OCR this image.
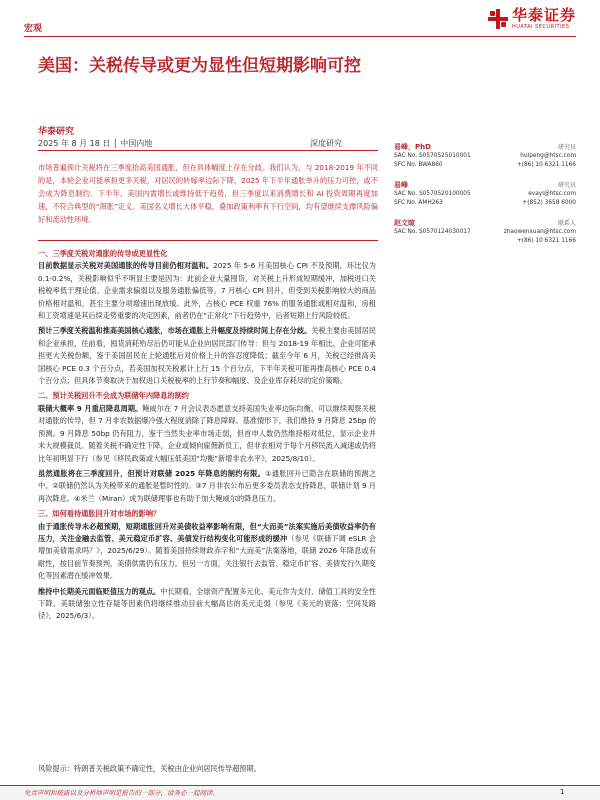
宏观
华泰证券
HUATAI SECURITIES
美国：关税传导或更为显性但短期影响可控
华泰研究
2025 年 8 月 18 日 │ 中国内地	深度研究
市场普遍预计关税将在三季度抬高美国通胀，但在具体幅度上存在分歧。我们认为，与 2018-2019 年不同的是，本轮企业可能承担更多关税，对居民的转嫁率边际下降，2025 年下半年通胀单升的压力可控，或不会成为降息制约。下半年，美国内需增长或维持低于趋势，但三季度以来消费增长和 AI 投资周期再度加速，不符合典型的“滞胀”定义。美国名义增长大体平稳，叠加政策利率有下行空间，均有望继续支撑风险偏好和流动性环境。
易峰，PhD	研究员
SAC No. S0570525010001	huipeng@htsc.com
SFC No. BWA860	+(86) 10 6321 1166
易峰	研究员
SAC No. S0570520100005	evayi@htsc.com
SFC No. AMH263	+(852) 3658 6000
赵文暄	联系人
SAC No. S0570124030017	zhaowenxuan@htsc.com
+(86) 10 6321 1166

一、三季度关税对通胀的传导或更显性化

目前数据显示关税对美国通胀的传导目前仍相对温和。2025 年 5-6 月美国核心 CPI 不及预期，环比仅为 0.1-0.2%，关税影响似乎不明显主要是因为：此前企业大量囤货、对关税上升形成短期缓冲，加税进口关税税率低于理论值、企业需求偏弱以及服务通胀偏低等。7 月核心 CPI 回升，但受到关税影响较大的商品价格相对温和，甚至主要分项增速出现放缓。此外，占核心 PCE 权重 76% 的服务通胀或相对温和，房租和工资增速是其后续走势重要的决定因素，前者仍在“正常化”下行趋势中，后者短期上行风险较低。

预计三季度关税温和推高美国核心通胀，市场在通胀上升幅度及持续时间上存在分歧。关税主要由美国居民和企业承担，往前看，囤货消耗殆尽后仍可能从企业向居民部门传导：但与 2018-19 年相比，企业可能承担更大关税份额，鉴于美国居民在上轮通胀后对价格上升的容忍度降低；截至今年 6 月，关税已经推高美国核心 PCE 0.3 个百分点，若美国加权关税累计上行 15 个百分点，下半年关税可能再推高核心 PCE 0.4 个百分点；但具体节奏取决于加权进口关税税率的上行节奏和幅度、及企业库存耗尽的定价策略。

二、预计关税回升不会成为联储年内降息的制约

联储大概率 9 月重启降息周期。鲍威尔在 7 月会议表态愿意支持美国失业率边际均衡，可以继续观察关税对通胀的传导，但 7 月非农数据爆冷强大程度消除了降息障碍。基准情形下，我们维持 9 月降息 25bp 的预测。9 月降息 50bp 仍有阻力，鉴于当然失业率市场走弱，但首申人数仍然维持相对低位，显示企业并未大规模裁员。随着关税不确定性下降，企业或倾向雇佣新员工，但非农相对于每个月移民流入减速或仍将比年初明显下行（参见《移民政策或大幅压低美国“均衡”新增非农水平》，2025/8/10）。

虽然通胀将在三季度回升，但预计对联储 2025 年降息的制约有限。①通胀回升已隐含在联储的预测之中。②联储仍然认为关税带来的通胀是暂时性的。③7 月非农公布后更多委员表态支持降息，联储计划 9 月再次降息。④米兰（Miran）成为联储理事也有助于加大鲍威尔的降息压力。

三、如何看待通胀回升对市场的影响？

由于通胀传导未必超预期，短期通胀回升对美债收益率影响有限，但“大而美”法案实施后美债收益率仍有压力，关注金融去监管、美元稳定币扩容、美债发行结构变化可能形成的缓冲（参见《联储下调 eSLR 会增加美债需求吗？》，2025/6/29）。随着美国持续财政赤字和“大而美”法案落地，联储 2026 年降息或有耐性，按目前节奏预判，美债供需仍有压力。但另一方面，关注银行去监管、稳定币扩容、美债发行久期变化等因素潜在缓冲效果。

维持中长期美元面临贬值压力的观点。中长期看，全球资产配置多元化、美元作为支付、储值工具的安全性下降、美联储独立性存疑等因素仍将继续推动目前大幅高估的美元走弱（参见《美元的衰落：空间及路径》，2025/6/3）。

风险提示：特朗普关税政策不确定性，关税由企业向居民传导超预期。
免责声明和披露以及分析师声明是报告的一部分，请务必一起阅读。	1
